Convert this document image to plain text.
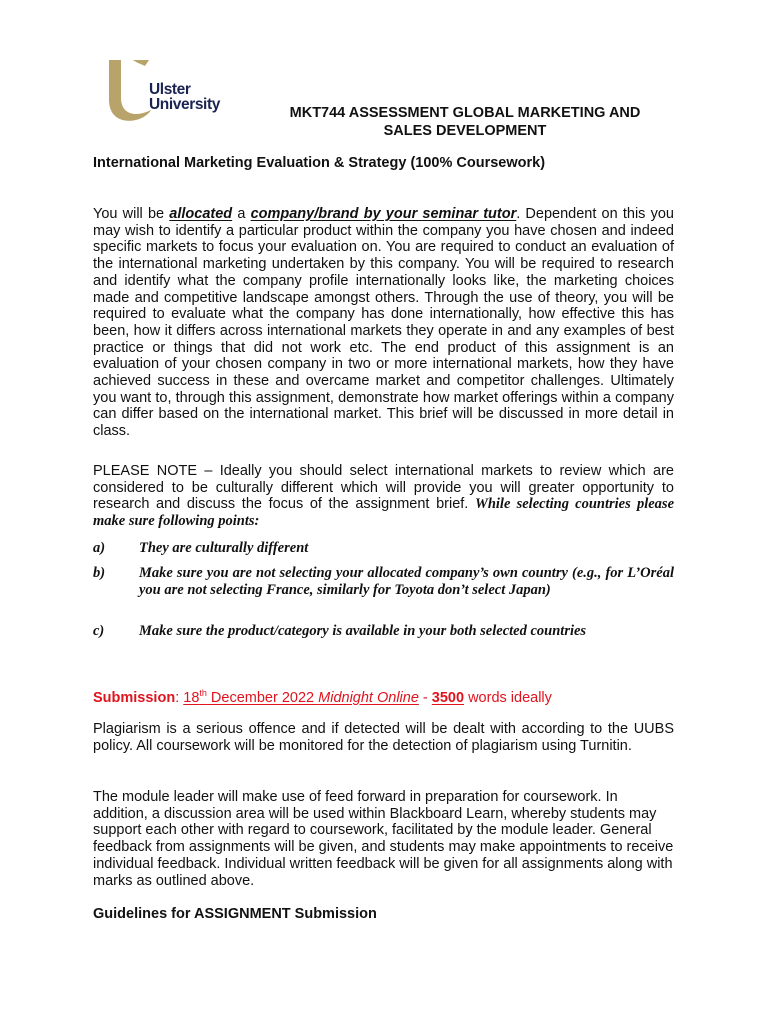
Ulster
University	MKT744 ASSESSMENT GLOBAL MARKETING AND
SALES DEVELOPMENT
International Marketing Evaluation & Strategy (100% Coursework)
You will be allocated a company/brand by your seminar tutor. Dependent on this you may wish to identify a particular product within the company you have chosen and indeed specific markets to focus your evaluation on. You are required to conduct an evaluation of the international marketing undertaken by this company. You will be required to research and identify what the company profile internationally looks like, the marketing choices made and competitive landscape amongst others. Through the use of theory, you will be required to evaluate what the company has done internationally, how effective this has been, how it differs across international markets they operate in and any examples of best practice or things that did not work etc. The end product of this assignment is an evaluation of your chosen company in two or more international markets, how they have achieved success in these and overcame market and competitor challenges. Ultimately you want to, through this assignment, demonstrate how market offerings within a company can differ based on the international market. This brief will be discussed in more detail in class.
PLEASE NOTE – Ideally you should select international markets to review which are considered to be culturally different which will provide you will greater opportunity to research and discuss the focus of the assignment brief. While selecting countries please make sure following points:
a)	They are culturally different
b)	Make sure you are not selecting your allocated company’s own country (e.g., for L’Oréal you are not selecting France, similarly for Toyota don’t select Japan)
c)	Make sure the product/category is available in your both selected countries
Submission: 18th December 2022 Midnight Online - 3500 words ideally
Plagiarism is a serious offence and if detected will be dealt with according to the UUBS policy. All coursework will be monitored for the detection of plagiarism using Turnitin.
The module leader will make use of feed forward in preparation for coursework. In addition, a discussion area will be used within Blackboard Learn, whereby students may support each other with regard to coursework, facilitated by the module leader. General feedback from assignments will be given, and students may make appointments to receive individual feedback. Individual written feedback will be given for all assignments along with marks as outlined above.
Guidelines for ASSIGNMENT Submission
